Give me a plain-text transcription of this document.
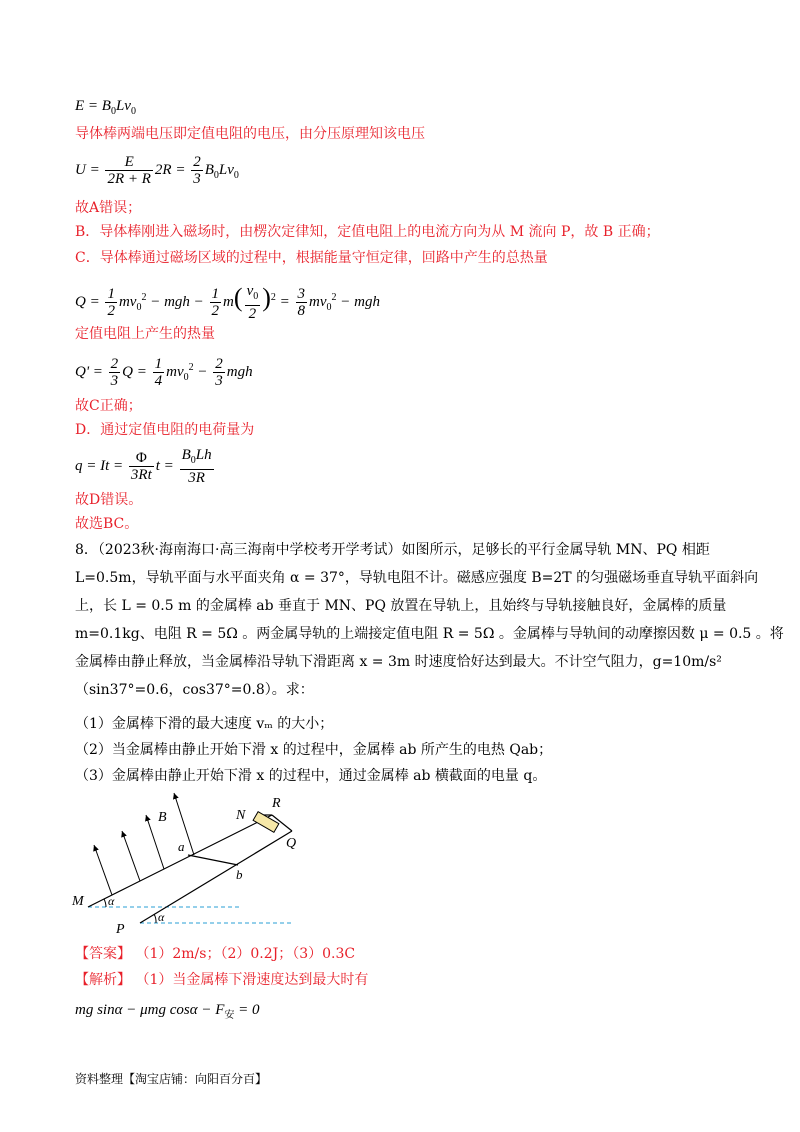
$E = B_0Lv_0$
导体棒两端电压即定值电阻的电压，由分压原理知该电压
$U = \frac{E}{2R + R} 2R = \frac{2}{3} B_0Lv_0$
故A错误；
B．导体棒刚进入磁场时，由楞次定律知，定值电阻上的电流方向为从 M 流向 P，故 B 正确；
C．导体棒通过磁场区域的过程中，根据能量守恒定律，回路中产生的总热量
$Q = \frac{1}{2} mv_0^2$ − mgh − $\frac{1}{2} m( \frac{v_0}{2} )^2 = \frac{3}{8} mv_0^2$ − mgh
定值电阻上产生的热量
$Q' = \frac{2}{3}$ $Q = \frac{1}{4} mv_0^2 - \frac{2}{3}$ mgh
故C正确；
D．通过定值电阻的电荷量为
$q = It = \frac{\Phi}{3Rt}$ $t = \frac{B_0Lh}{3R}$
故D错误。
故选BC。
8．（2023秋·海南海口·高三海南中学校考开学考试）如图所示，足够长的平行金属导轨 MN、PQ 相距
L=0.5m，导轨平面与水平面夹角 α = 37°，导轨电阻不计。磁感应强度 B=2T 的匀强磁场垂直导轨平面斜向
上，长 L = 0.5 m 的金属棒 ab 垂直于 MN、PQ 放置在导轨上，且始终与导轨接触良好，金属棒的质量
m=0.1kg、电阻 R = 5Ω 。两金属导轨的上端接定值电阻 R = 5Ω 。金属棒与导轨间的动摩擦因数 μ = 0.5 。将
金属棒由静止释放，当金属棒沿导轨下滑距离 x = 3m 时速度恰好达到最大。不计空气阻力，g=10m/s²
（sin37°=0.6，cos37°=0.8）。求：
（1）金属棒下滑的最大速度 vₘ 的大小；
（2）当金属棒由静止开始下滑 x 的过程中，金属棒 ab 所产生的电热 Qab；
（3）金属棒由静止开始下滑 x 的过程中，通过金属棒 ab 横截面的电量 q。
B	N
R
Q
a
b
M
P
α
α
【答案】 （1）2m/s；（2）0.2J；（3）0.3C
【解析】 （1）当金属棒下滑速度达到最大时有
mg sinα − μmg $\cos\alpha - F_安 = 0$
资料整理【淘宝店铺：向阳百分百】
